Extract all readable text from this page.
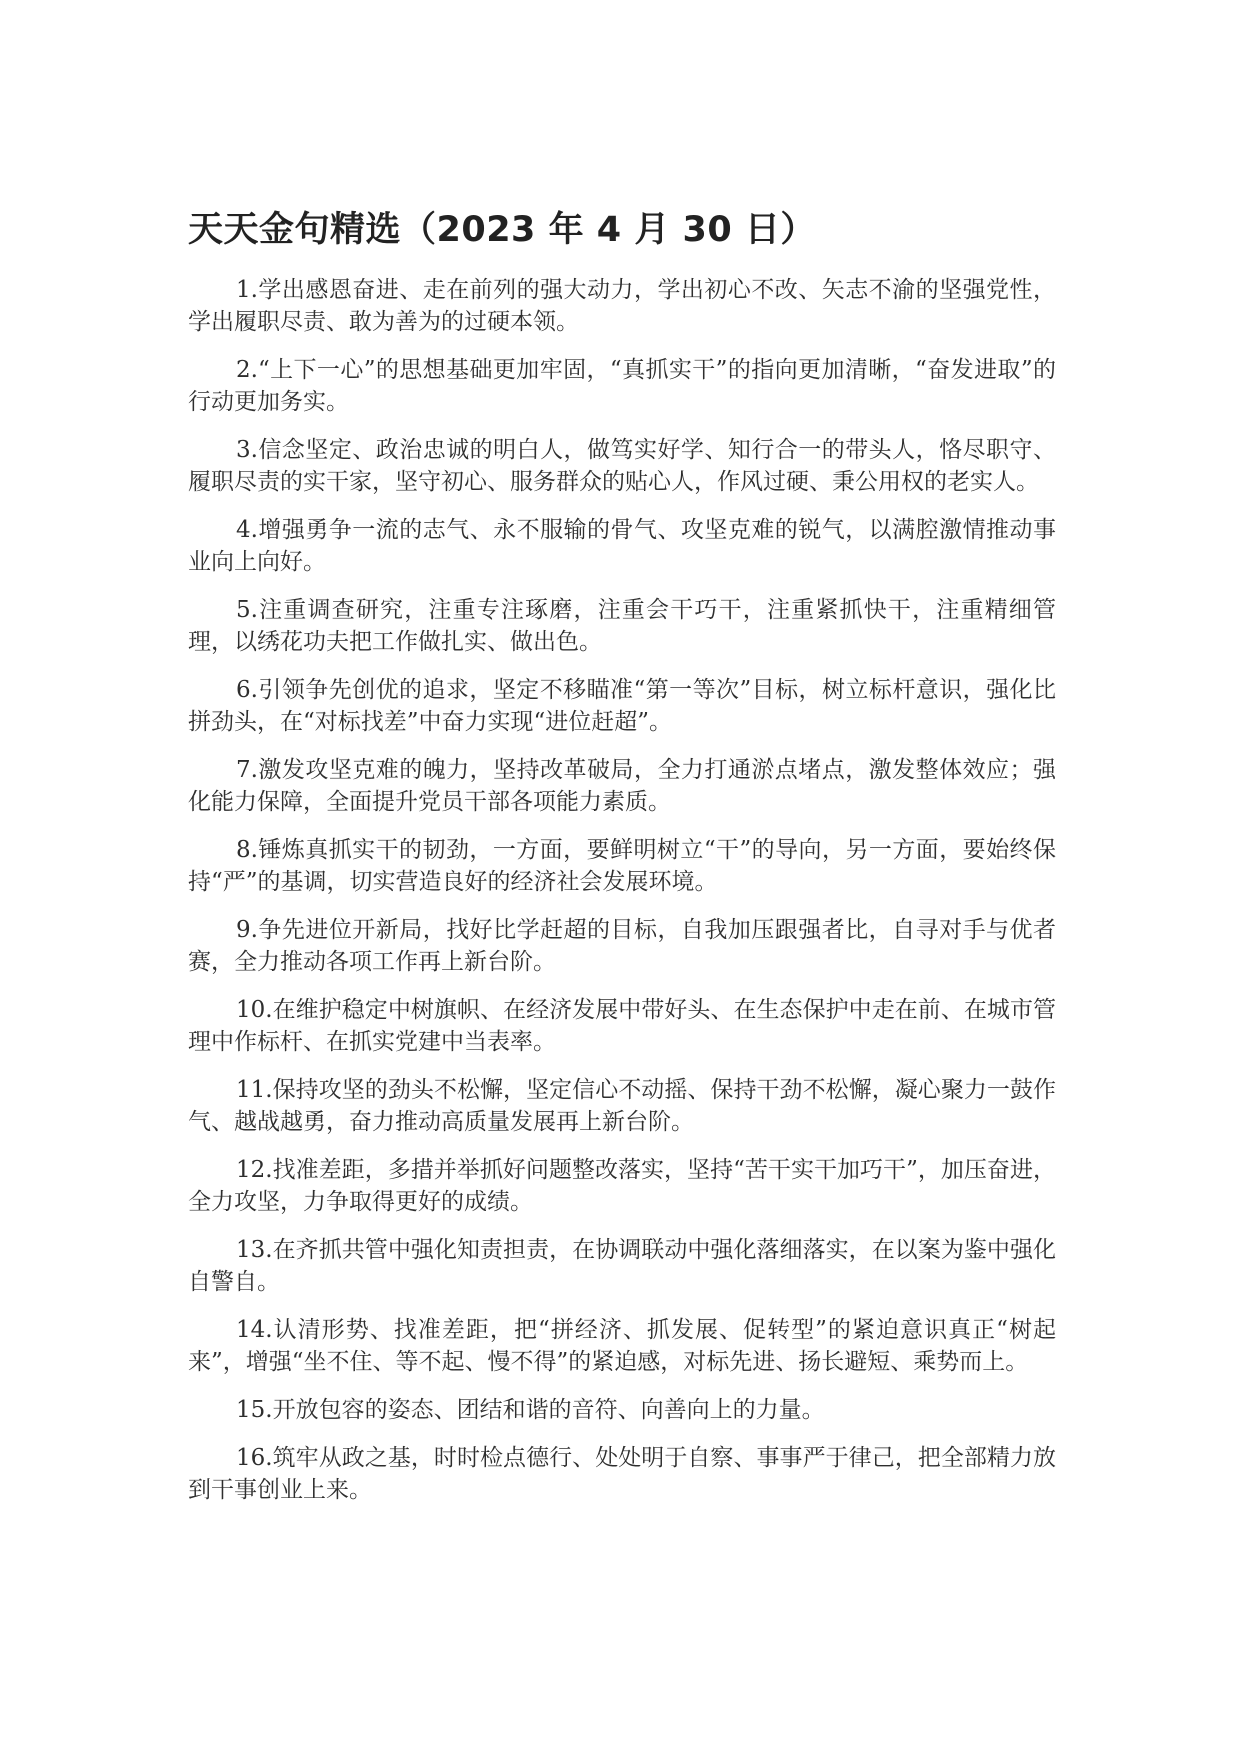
天天金句精选（2023 年 4 月 30 日）

1.学出感恩奋进、走在前列的强大动力，学出初心不改、矢志不渝的坚强党性，学出履职尽责、敢为善为的过硬本领。

2.“上下一心”的思想基础更加牢固，“真抓实干”的指向更加清晰，“奋发进取”的行动更加务实。

3.信念坚定、政治忠诚的明白人，做笃实好学、知行合一的带头人，恪尽职守、履职尽责的实干家，坚守初心、服务群众的贴心人，作风过硬、秉公用权的老实人。

4.增强勇争一流的志气、永不服输的骨气、攻坚克难的锐气，以满腔激情推动事业向上向好。

5.注重调查研究，注重专注琢磨，注重会干巧干，注重紧抓快干，注重精细管理，以绣花功夫把工作做扎实、做出色。

6.引领争先创优的追求，坚定不移瞄准“第一等次”目标，树立标杆意识，强化比拼劲头，在“对标找差”中奋力实现“进位赶超”。

7.激发攻坚克难的魄力，坚持改革破局，全力打通淤点堵点，激发整体效应；强化能力保障，全面提升党员干部各项能力素质。

8.锤炼真抓实干的韧劲，一方面，要鲜明树立“干”的导向，另一方面，要始终保持“严”的基调，切实营造良好的经济社会发展环境。

9.争先进位开新局，找好比学赶超的目标，自我加压跟强者比，自寻对手与优者赛，全力推动各项工作再上新台阶。

10.在维护稳定中树旗帜、在经济发展中带好头、在生态保护中走在前、在城市管理中作标杆、在抓实党建中当表率。

11.保持攻坚的劲头不松懈，坚定信心不动摇、保持干劲不松懈，凝心聚力一鼓作气、越战越勇，奋力推动高质量发展再上新台阶。

12.找准差距，多措并举抓好问题整改落实，坚持“苦干实干加巧干”，加压奋进，全力攻坚，力争取得更好的成绩。

13.在齐抓共管中强化知责担责，在协调联动中强化落细落实，在以案为鉴中强化自警自。

14.认清形势、找准差距，把“拼经济、抓发展、促转型”的紧迫意识真正“树起来”，增强“坐不住、等不起、慢不得”的紧迫感，对标先进、扬长避短、乘势而上。

15.开放包容的姿态、团结和谐的音符、向善向上的力量。

16.筑牢从政之基，时时检点德行、处处明于自察、事事严于律己，把全部精力放到干事创业上来。
